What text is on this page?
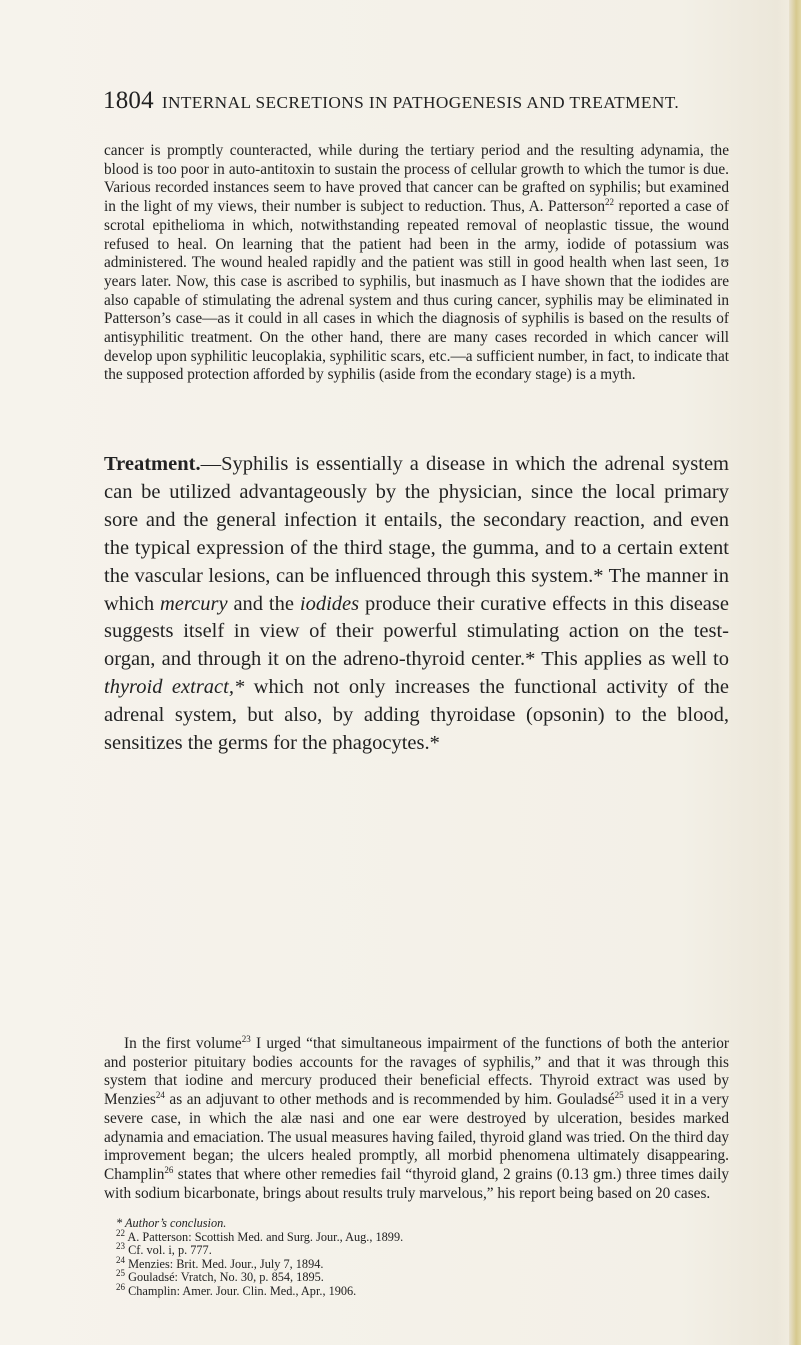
1804 INTERNAL SECRETIONS IN PATHOGENESIS AND TREATMENT.

cancer is promptly counteracted, while during the tertiary period and the resulting adynamia, the blood is too poor in auto-antitoxin to sustain the process of cellular growth to which the tumor is due. Various recorded instances seem to have proved that cancer can be grafted on syphilis; but examined in the light of my views, their number is subject to reduction. Thus, A. Patterson$^{22}$ reported a case of scrotal epithelioma in which, notwithstanding repeated removal of neoplastic tissue, the wound refused to heal. On learning that the patient had been in the army, iodide of potassium was administered. The wound healed rapidly and the patient was still in good health when last seen, 1ʊ years later. Now, this case is ascribed to syphilis, but inasmuch as I have shown that the iodides are also capable of stimulating the adrenal system and thus curing cancer, syphilis may be eliminated in Patterson’s case—as it could in all cases in which the diagnosis of syphilis is based on the results of antisyphilitic treatment. On the other hand, there are many cases recorded in which cancer will develop upon syphilitic leucoplakia, syphilitic scars, etc.—a sufficient number, in fact, to indicate that the supposed protection afforded by syphilis (aside from the econdary stage) is a myth.

Treatment.—Syphilis is essentially a disease in which the adrenal system can be utilized advantageously by the physician, since the local primary sore and the general infection it entails, the secondary reaction, and even the typical expression of the third stage, the gumma, and to a certain extent the vascular lesions, can be influenced through this system.* The manner in which mercury and the iodides produce their curative effects in this disease suggests itself in view of their powerful stimulating action on the test-organ, and through it on the adreno-thyroid center.* This applies as well to thyroid extract,* which not only increases the functional activity of the adrenal system, but also, by adding thyroidase (opsonin) to the blood, sensitizes the germs for the phagocytes.*

In the first volume$^{23}$ I urged “that simultaneous impairment of the functions of both the anterior and posterior pituitary bodies accounts for the ravages of syphilis,” and that it was through this system that iodine and mercury produced their beneficial effects. Thyroid extract was used by Menzies$^{24}$ as an adjuvant to other methods and is recommended by him. Gouladsé$^{25}$ used it in a very severe case, in which the alæ nasi and one ear were destroyed by ulceration, besides marked adynamia and emaciation. The usual measures having failed, thyroid gland was tried. On the third day improvement began; the ulcers healed promptly, all morbid phenomena ultimately disappearing. Champlin$^{26}$ states that where other remedies fail “thyroid gland, 2 grains (0.13 gm.) three times daily with sodium bicarbonate, brings about results truly marvelous,” his report being based on 20 cases.

* Author’s conclusion.
$^{22}$ A. Patterson: Scottish Med. and Surg. Jour., Aug., 1899.
$^{23}$ Cf. vol. i, p. 777.
$^{24}$ Menzies: Brit. Med. Jour., July 7, 1894.
$^{25}$ Gouladsé: Vratch, No. 30, p. 854, 1895.
$^{26}$ Champlin: Amer. Jour. Clin. Med., Apr., 1906.
